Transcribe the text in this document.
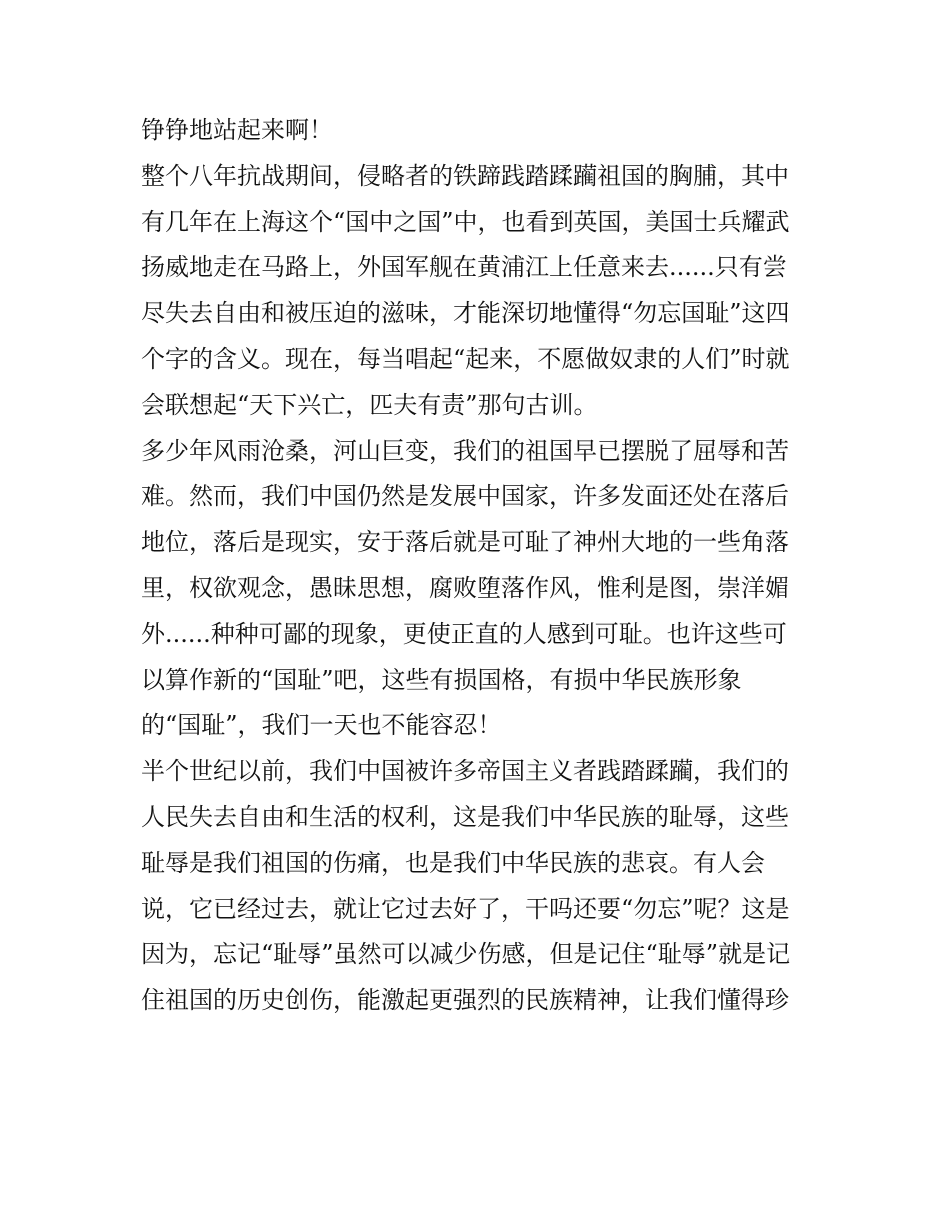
铮铮地站起来啊！
整个八年抗战期间，侵略者的铁蹄践踏蹂躏祖国的胸脯，其中
有几年在上海这个“国中之国”中，也看到英国，美国士兵耀武
扬威地走在马路上，外国军舰在黄浦江上任意来去......只有尝
尽失去自由和被压迫的滋味，才能深切地懂得“勿忘国耻”这四
个字的含义。现在，每当唱起“起来，不愿做奴隶的人们”时就
会联想起“天下兴亡，匹夫有责”那句古训。
多少年风雨沧桑，河山巨变，我们的祖国早已摆脱了屈辱和苦
难。然而，我们中国仍然是发展中国家，许多发面还处在落后
地位，落后是现实，安于落后就是可耻了神州大地的一些角落
里，权欲观念，愚昧思想，腐败堕落作风，惟利是图，崇洋媚
外......种种可鄙的现象，更使正直的人感到可耻。也许这些可
以算作新的“国耻”吧，这些有损国格，有损中华民族形象
的“国耻”，我们一天也不能容忍！
半个世纪以前，我们中国被许多帝国主义者践踏蹂躏，我们的
人民失去自由和生活的权利，这是我们中华民族的耻辱，这些
耻辱是我们祖国的伤痛，也是我们中华民族的悲哀。有人会
说，它已经过去，就让它过去好了，干吗还要“勿忘”呢？这是
因为，忘记“耻辱”虽然可以减少伤感，但是记住“耻辱”就是记
住祖国的历史创伤，能激起更强烈的民族精神，让我们懂得珍
